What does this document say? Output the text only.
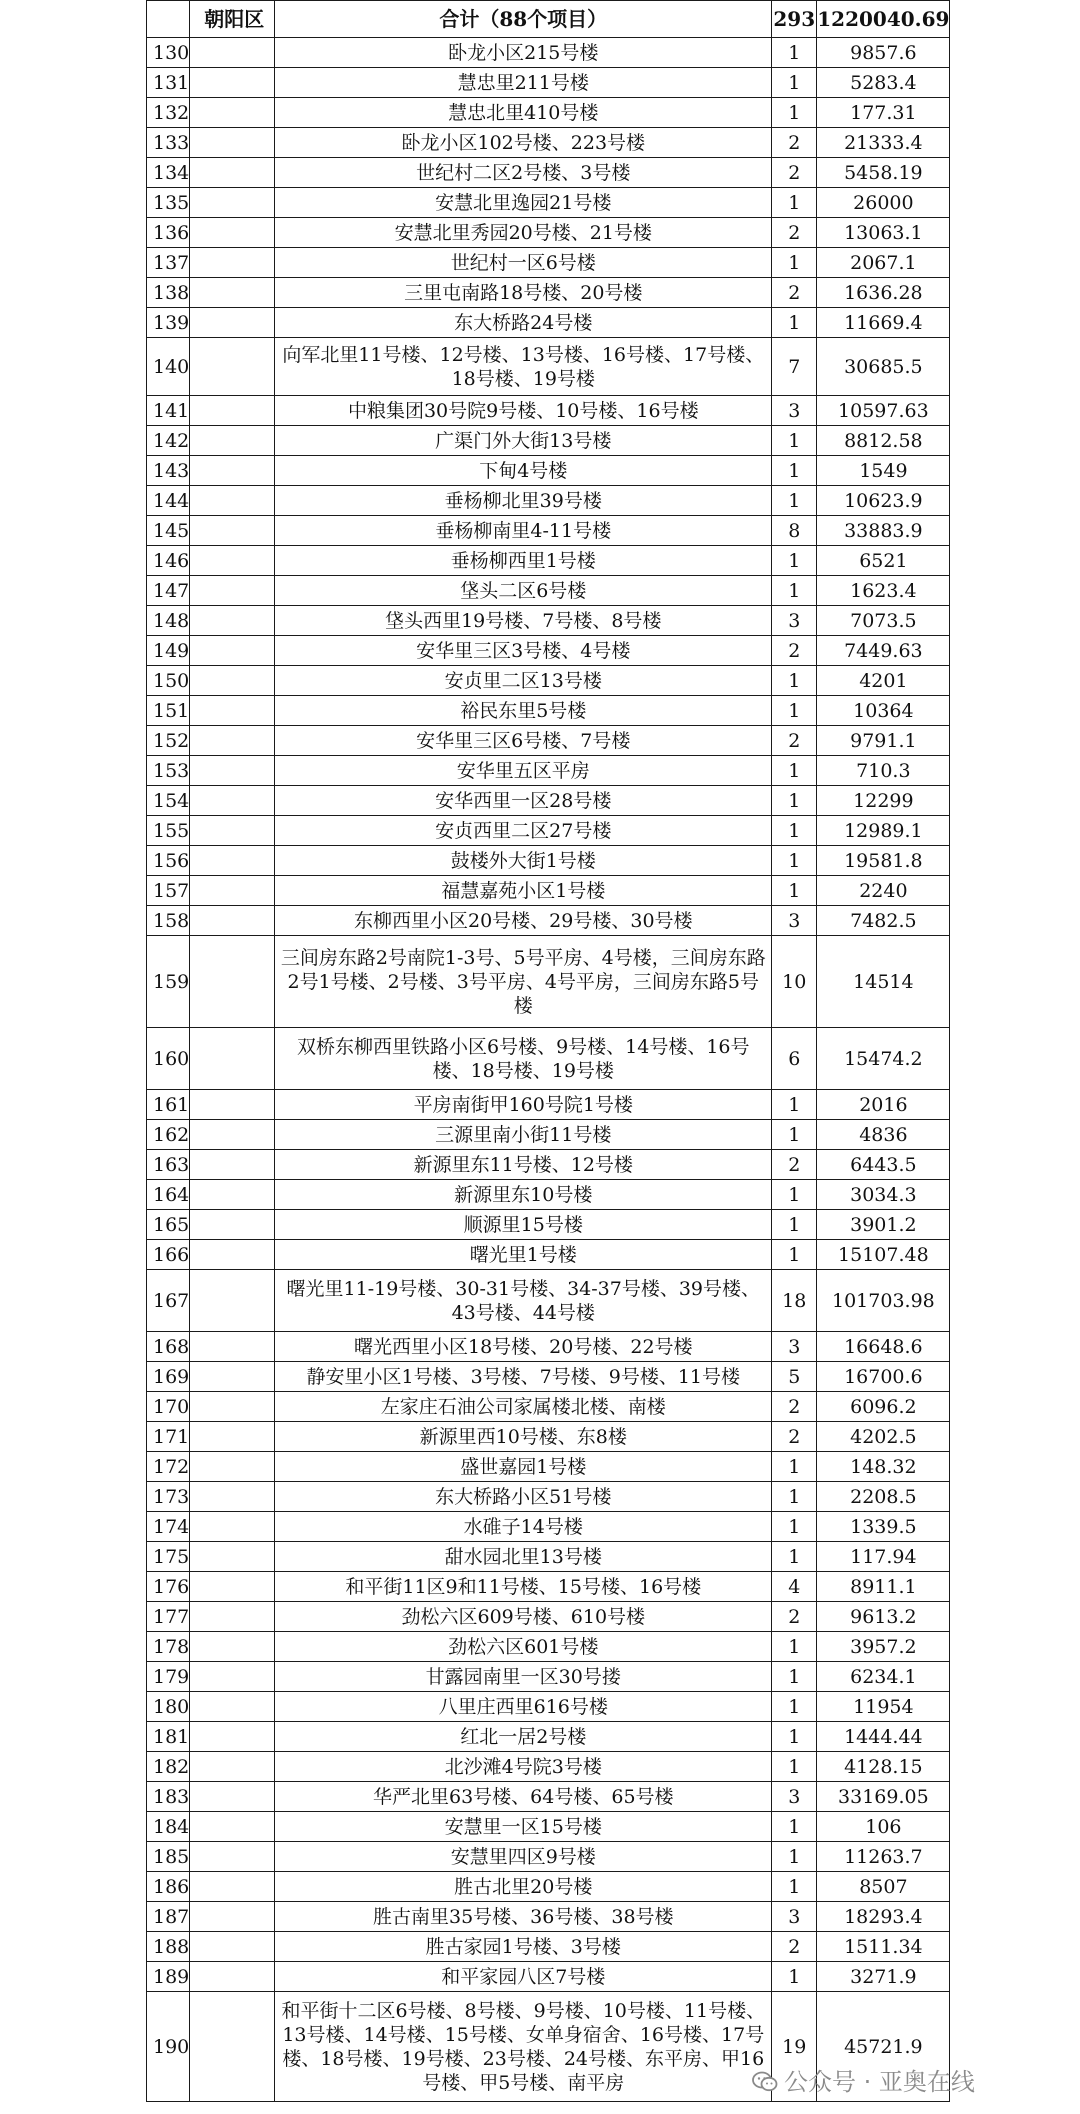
	朝阳区	合计（88个项目）	293	1220040.69
130		卧龙小区215号楼	1	9857.6
131		慧忠里211号楼	1	5283.4
132		慧忠北里410号楼	1	177.31
133		卧龙小区102号楼、223号楼	2	21333.4
134		世纪村二区2号楼、3号楼	2	5458.19
135		安慧北里逸园21号楼	1	26000
136		安慧北里秀园20号楼、21号楼	2	13063.1
137		世纪村一区6号楼	1	2067.1
138		三里屯南路18号楼、20号楼	2	1636.28
139		东大桥路24号楼	1	11669.4
140		向军北里11号楼、12号楼、13号楼、16号楼、17号楼、18号楼、19号楼	7	30685.5
141		中粮集团30号院9号楼、10号楼、16号楼	3	10597.63
142		广渠门外大街13号楼	1	8812.58
143		下甸4号楼	1	1549
144		垂杨柳北里39号楼	1	10623.9
145		垂杨柳南里4-11号楼	8	33883.9
146		垂杨柳西里1号楼	1	6521
147		垡头二区6号楼	1	1623.4
148		垡头西里19号楼、7号楼、8号楼	3	7073.5
149		安华里三区3号楼、4号楼	2	7449.63
150		安贞里二区13号楼	1	4201
151		裕民东里5号楼	1	10364
152		安华里三区6号楼、7号楼	2	9791.1
153		安华里五区平房	1	710.3
154		安华西里一区28号楼	1	12299
155		安贞西里二区27号楼	1	12989.1
156		鼓楼外大街1号楼	1	19581.8
157		福慧嘉苑小区1号楼	1	2240
158		东柳西里小区20号楼、29号楼、30号楼	3	7482.5
159		三间房东路2号南院1-3号、5号平房、4号楼，三间房东路2号1号楼、2号楼、3号平房、4号平房，三间房东路5号楼	10	14514
160		双桥东柳西里铁路小区6号楼、9号楼、14号楼、16号楼、18号楼、19号楼	6	15474.2
161		平房南街甲160号院1号楼	1	2016
162		三源里南小街11号楼	1	4836
163		新源里东11号楼、12号楼	2	6443.5
164		新源里东10号楼	1	3034.3
165		顺源里15号楼	1	3901.2
166		曙光里1号楼	1	15107.48
167		曙光里11-19号楼、30-31号楼、34-37号楼、39号楼、43号楼、44号楼	18	101703.98
168		曙光西里小区18号楼、20号楼、22号楼	3	16648.6
169		静安里小区1号楼、3号楼、7号楼、9号楼、11号楼	5	16700.6
170		左家庄石油公司家属楼北楼、南楼	2	6096.2
171		新源里西10号楼、东8楼	2	4202.5
172		盛世嘉园1号楼	1	148.32
173		东大桥路小区51号楼	1	2208.5
174		水碓子14号楼	1	1339.5
175		甜水园北里13号楼	1	117.94
176		和平街11区9和11号楼、15号楼、16号楼	4	8911.1
177		劲松六区609号楼、610号楼	2	9613.2
178		劲松六区601号楼	1	3957.2
179		甘露园南里一区30号搂	1	6234.1
180		八里庄西里616号楼	1	11954
181		红北一居2号楼	1	1444.44
182		北沙滩4号院3号楼	1	4128.15
183		华严北里63号楼、64号楼、65号楼	3	33169.05
184		安慧里一区15号楼	1	106
185		安慧里四区9号楼	1	11263.7
186		胜古北里20号楼	1	8507
187		胜古南里35号楼、36号楼、38号楼	3	18293.4
188		胜古家园1号楼、3号楼	2	1511.34
189		和平家园八区7号楼	1	3271.9
190		和平街十二区6号楼、8号楼、9号楼、10号楼、11号楼、13号楼、14号楼、15号楼、女单身宿舍、16号楼、17号楼、18号楼、19号楼、23号楼、24号楼、东平房、甲16号楼、甲5号楼、南平房	19	45721.9
公众号 · 亚奥在线
